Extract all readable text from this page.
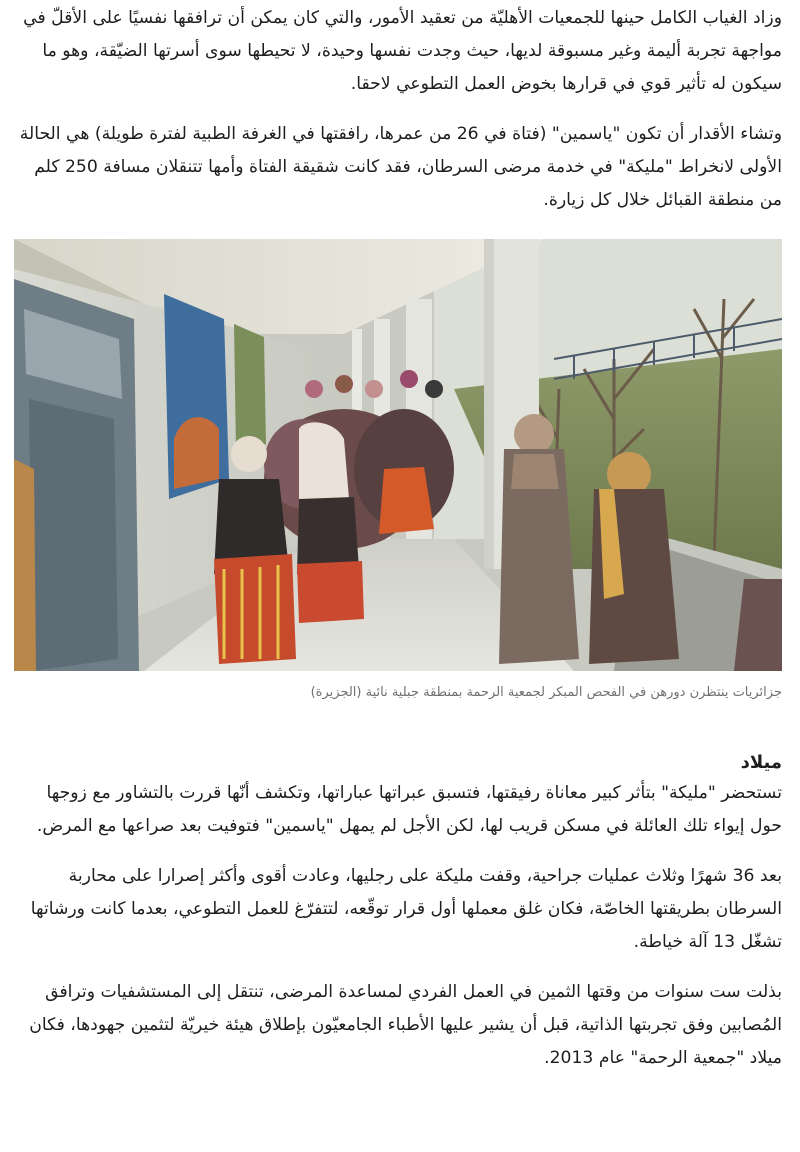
وزاد الغياب الكامل حينها للجمعيات الأهليّة من تعقيد الأمور، والتي كان يمكن أن ترافقها نفسيًا على الأقلّ في مواجهة تجربة أليمة وغير مسبوقة لديها، حيث وجدت نفسها وحيدة، لا تحيطها سوى أسرتها الضيّقة، وهو ما سيكون له تأثير قوي في قرارها بخوض العمل التطوعي لاحقا.

وتشاء الأقدار أن تكون "ياسمين" (فتاة في 26 من عمرها، رافقتها في الغرفة الطبية لفترة طويلة) هي الحالة الأولى لانخراط "مليكة" في خدمة مرضى السرطان، فقد كانت شقيقة الفتاة وأمها تتنقلان مسافة 250 كلم من منطقة القبائل خلال كل زيارة.

جزائريات ينتظرن دورهن في الفحص المبكر لجمعية الرحمة بمنطقة جبلية نائية (الجزيرة)
ميلاد

تستحضر "مليكة" بتأثر كبير معاناة رفيقتها، فتسبق عبراتها عباراتها، وتكشف أنّها قررت بالتشاور مع زوجها حول إيواء تلك العائلة في مسكن قريب لها، لكن الأجل لم يمهل "ياسمين" فتوفيت بعد صراعها مع المرض.

بعد 36 شهرًا وثلاث عمليات جراحية، وقفت مليكة على رجليها، وعادت أقوى وأكثر إصرارا على محاربة السرطان بطريقتها الخاصّة، فكان غلق معملها أول قرار توقّعه، لتتفرّغ للعمل التطوعي، بعدما كانت ورشاتها تشغّل 13 آلة خياطة.

بذلت ست سنوات من وقتها الثمين في العمل الفردي لمساعدة المرضى، تنتقل إلى المستشفيات وترافق المُصابين وفق تجربتها الذاتية، قبل أن يشير عليها الأطباء الجامعيّون بإطلاق هيئة خيريّة لتثمين جهودها، فكان ميلاد "جمعية الرحمة" عام 2013.
